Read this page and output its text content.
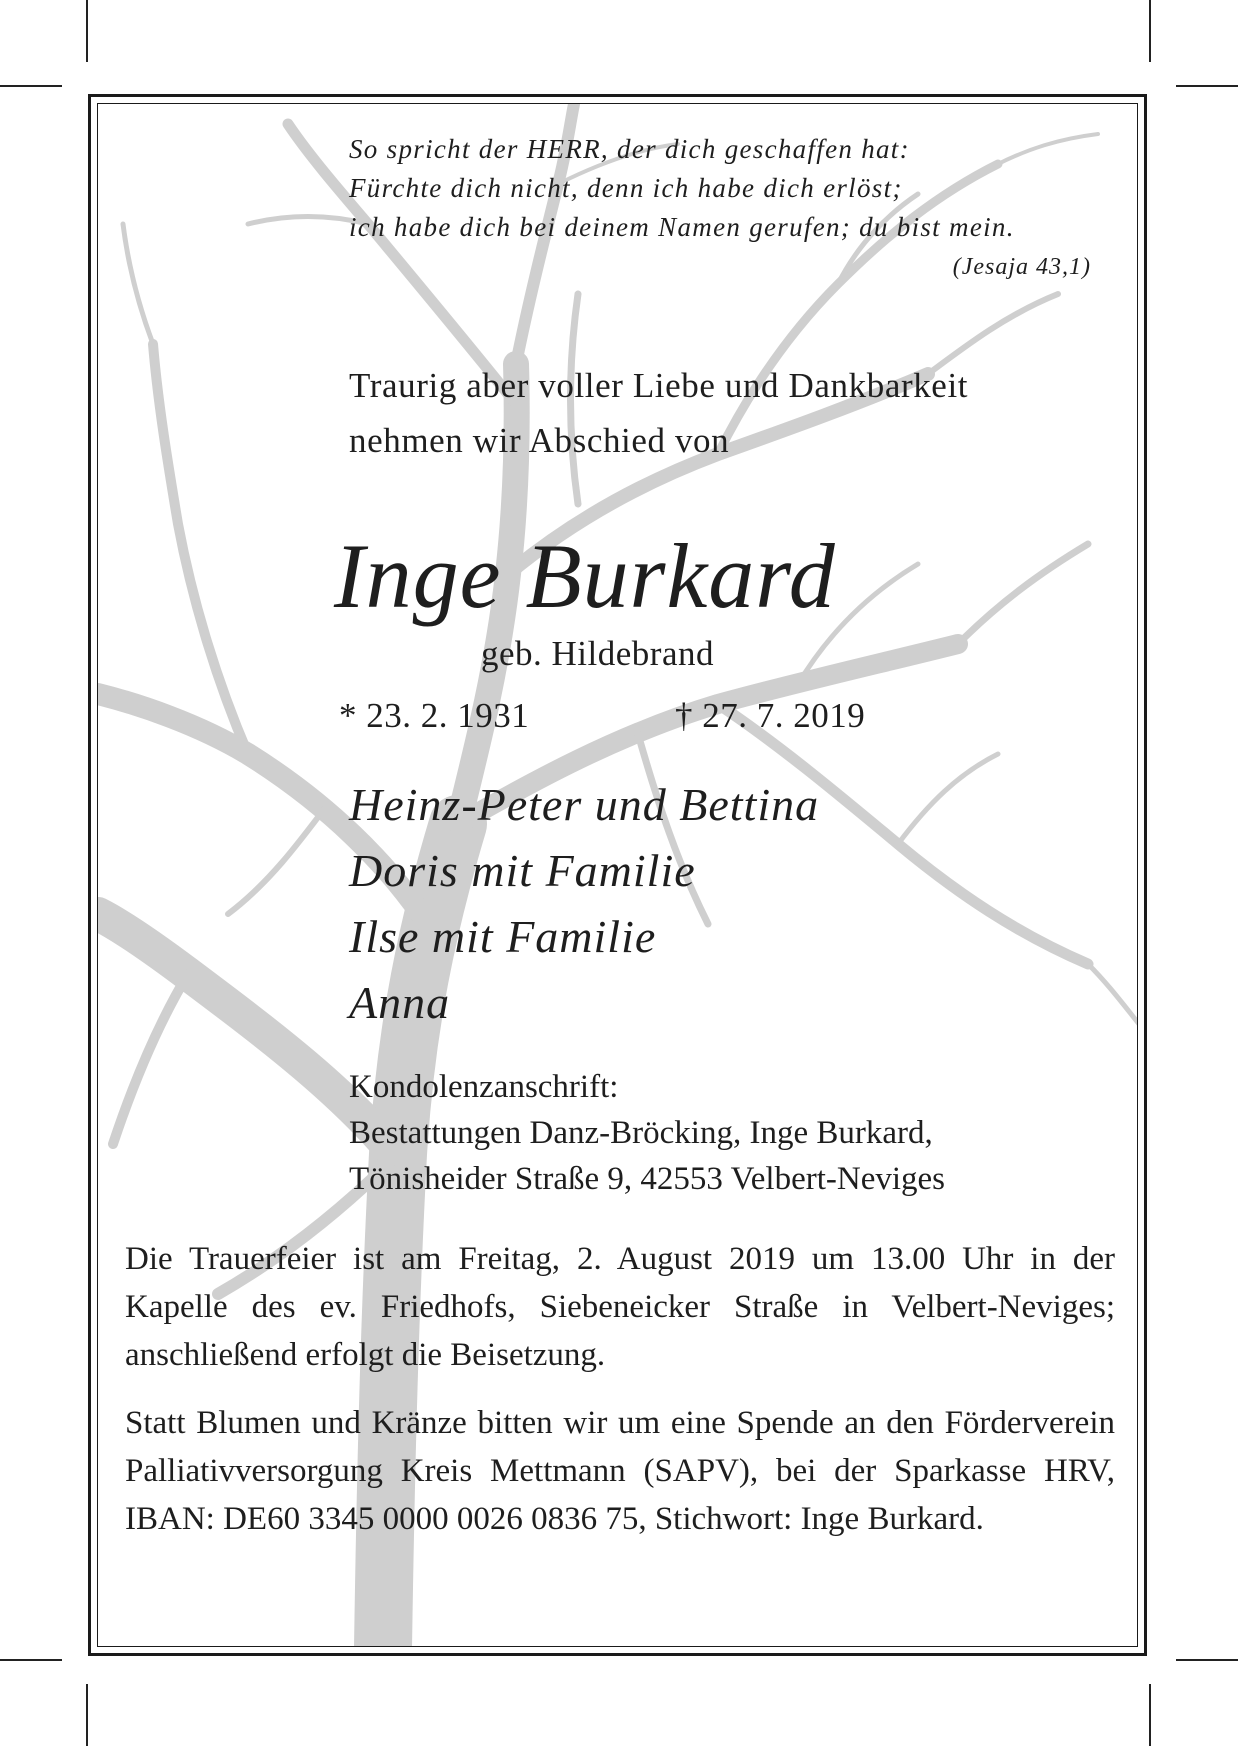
So spricht der HERR, der dich geschaffen hat:
Fürchte dich nicht, denn ich habe dich erlöst;
ich habe dich bei deinem Namen gerufen; du bist mein.
(Jesaja 43,1)
Traurig aber voller Liebe und Dankbarkeit
nehmen wir Abschied von
Inge Burkard
geb. Hildebrand
* 23. 2. 1931	† 27. 7. 2019
Heinz-Peter und Bettina
Doris mit Familie
Ilse mit Familie
Anna
Kondolenzanschrift:
Bestattungen Danz-Bröcking, Inge Burkard,
Tönisheider Straße 9, 42553 Velbert-Neviges
Die Trauerfeier ist am Freitag, 2. August 2019 um 13.00 Uhr in der Kapelle des ev. Friedhofs, Siebeneicker Straße in Velbert-Neviges; anschließend erfolgt die Beisetzung.
Statt Blumen und Kränze bitten wir um eine Spende an den Förderverein Palliativversorgung Kreis Mettmann (SAPV), bei der Sparkasse HRV, IBAN: DE60 3345 0000 0026 0836 75, Stichwort: Inge Burkard.
